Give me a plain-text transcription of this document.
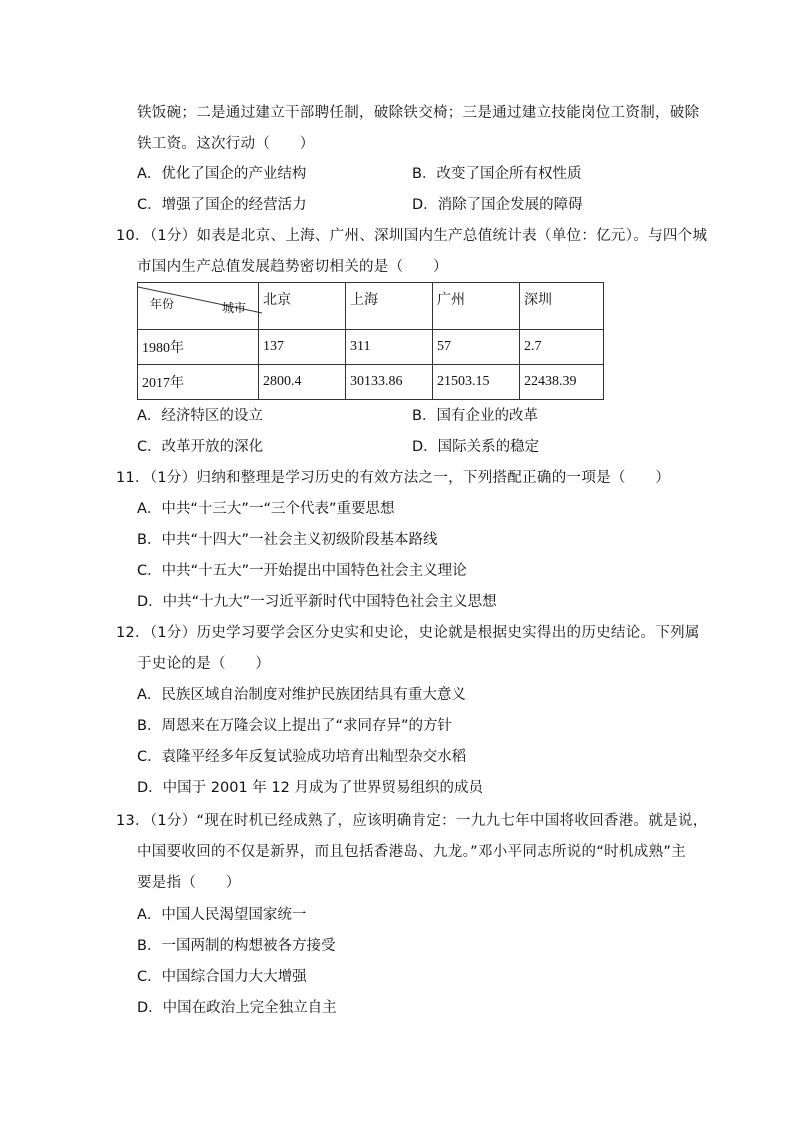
铁饭碗；二是通过建立干部聘任制，破除铁交椅；三是通过建立技能岗位工资制，破除
铁工资。这次行动（　　）
A．优化了国企的产业结构	B．改变了国企所有权性质
C．增强了国企的经营活力	D．消除了国企发展的障碍
10．（1分）如表是北京、上海、广州、深圳国内生产总值统计表（单位：亿元）。与四个城
市国内生产总值发展趋势密切相关的是（　　）
年份 城市	北京	上海	广州	深圳
1980年	137	311	57	2.7
2017年	2800.4	30133.86	21503.15	22438.39
A．经济特区的设立	B．国有企业的改革
C．改革开放的深化	D．国际关系的稳定
11．（1分）归纳和整理是学习历史的有效方法之一，下列搭配正确的一项是（　　）
A．中共“十三大”一“三个代表”重要思想
B．中共“十四大”一社会主义初级阶段基本路线
C．中共“十五大”一开始提出中国特色社会主义理论
D．中共“十九大”一习近平新时代中国特色社会主义思想
12．（1分）历史学习要学会区分史实和史论，史论就是根据史实得出的历史结论。下列属
于史论的是（　　）
A．民族区域自治制度对维护民族团结具有重大意义
B．周恩来在万隆会议上提出了“求同存异”的方针
C．袁隆平经多年反复试验成功培育出籼型杂交水稻
D．中国于 2001 年 12 月成为了世界贸易组织的成员
13．（1分）“现在时机已经成熟了，应该明确肯定：一九九七年中国将收回香港。就是说，
中国要收回的不仅是新界，而且包括香港岛、九龙。”邓小平同志所说的“时机成熟”主
要是指（　　）
A．中国人民渴望国家统一
B．一国两制的构想被各方接受
C．中国综合国力大大增强
D．中国在政治上完全独立自主
